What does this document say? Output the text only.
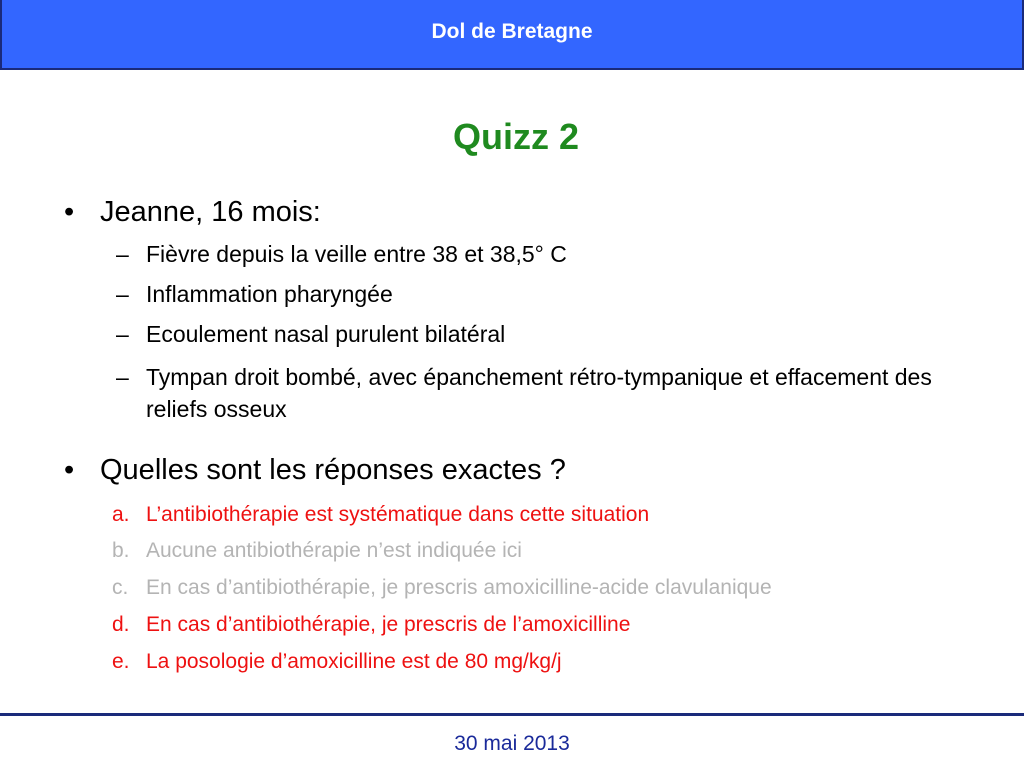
Dol de Bretagne
Quizz 2
• Jeanne, 16 mois:
– Fièvre depuis la veille entre 38 et 38,5° C
– Inflammation pharyngée
– Ecoulement nasal purulent bilatéral
– Tympan droit bombé, avec épanchement rétro-tympanique et effacement des reliefs osseux
• Quelles sont les réponses exactes ?
a. L’antibiothérapie est systématique dans cette situation
b. Aucune antibiothérapie n’est indiquée ici
c. En cas d’antibiothérapie, je prescris amoxicilline-acide clavulanique
d. En cas d’antibiothérapie, je prescris de l’amoxicilline
e. La posologie d’amoxicilline est de 80 mg/kg/j
30 mai 2013
